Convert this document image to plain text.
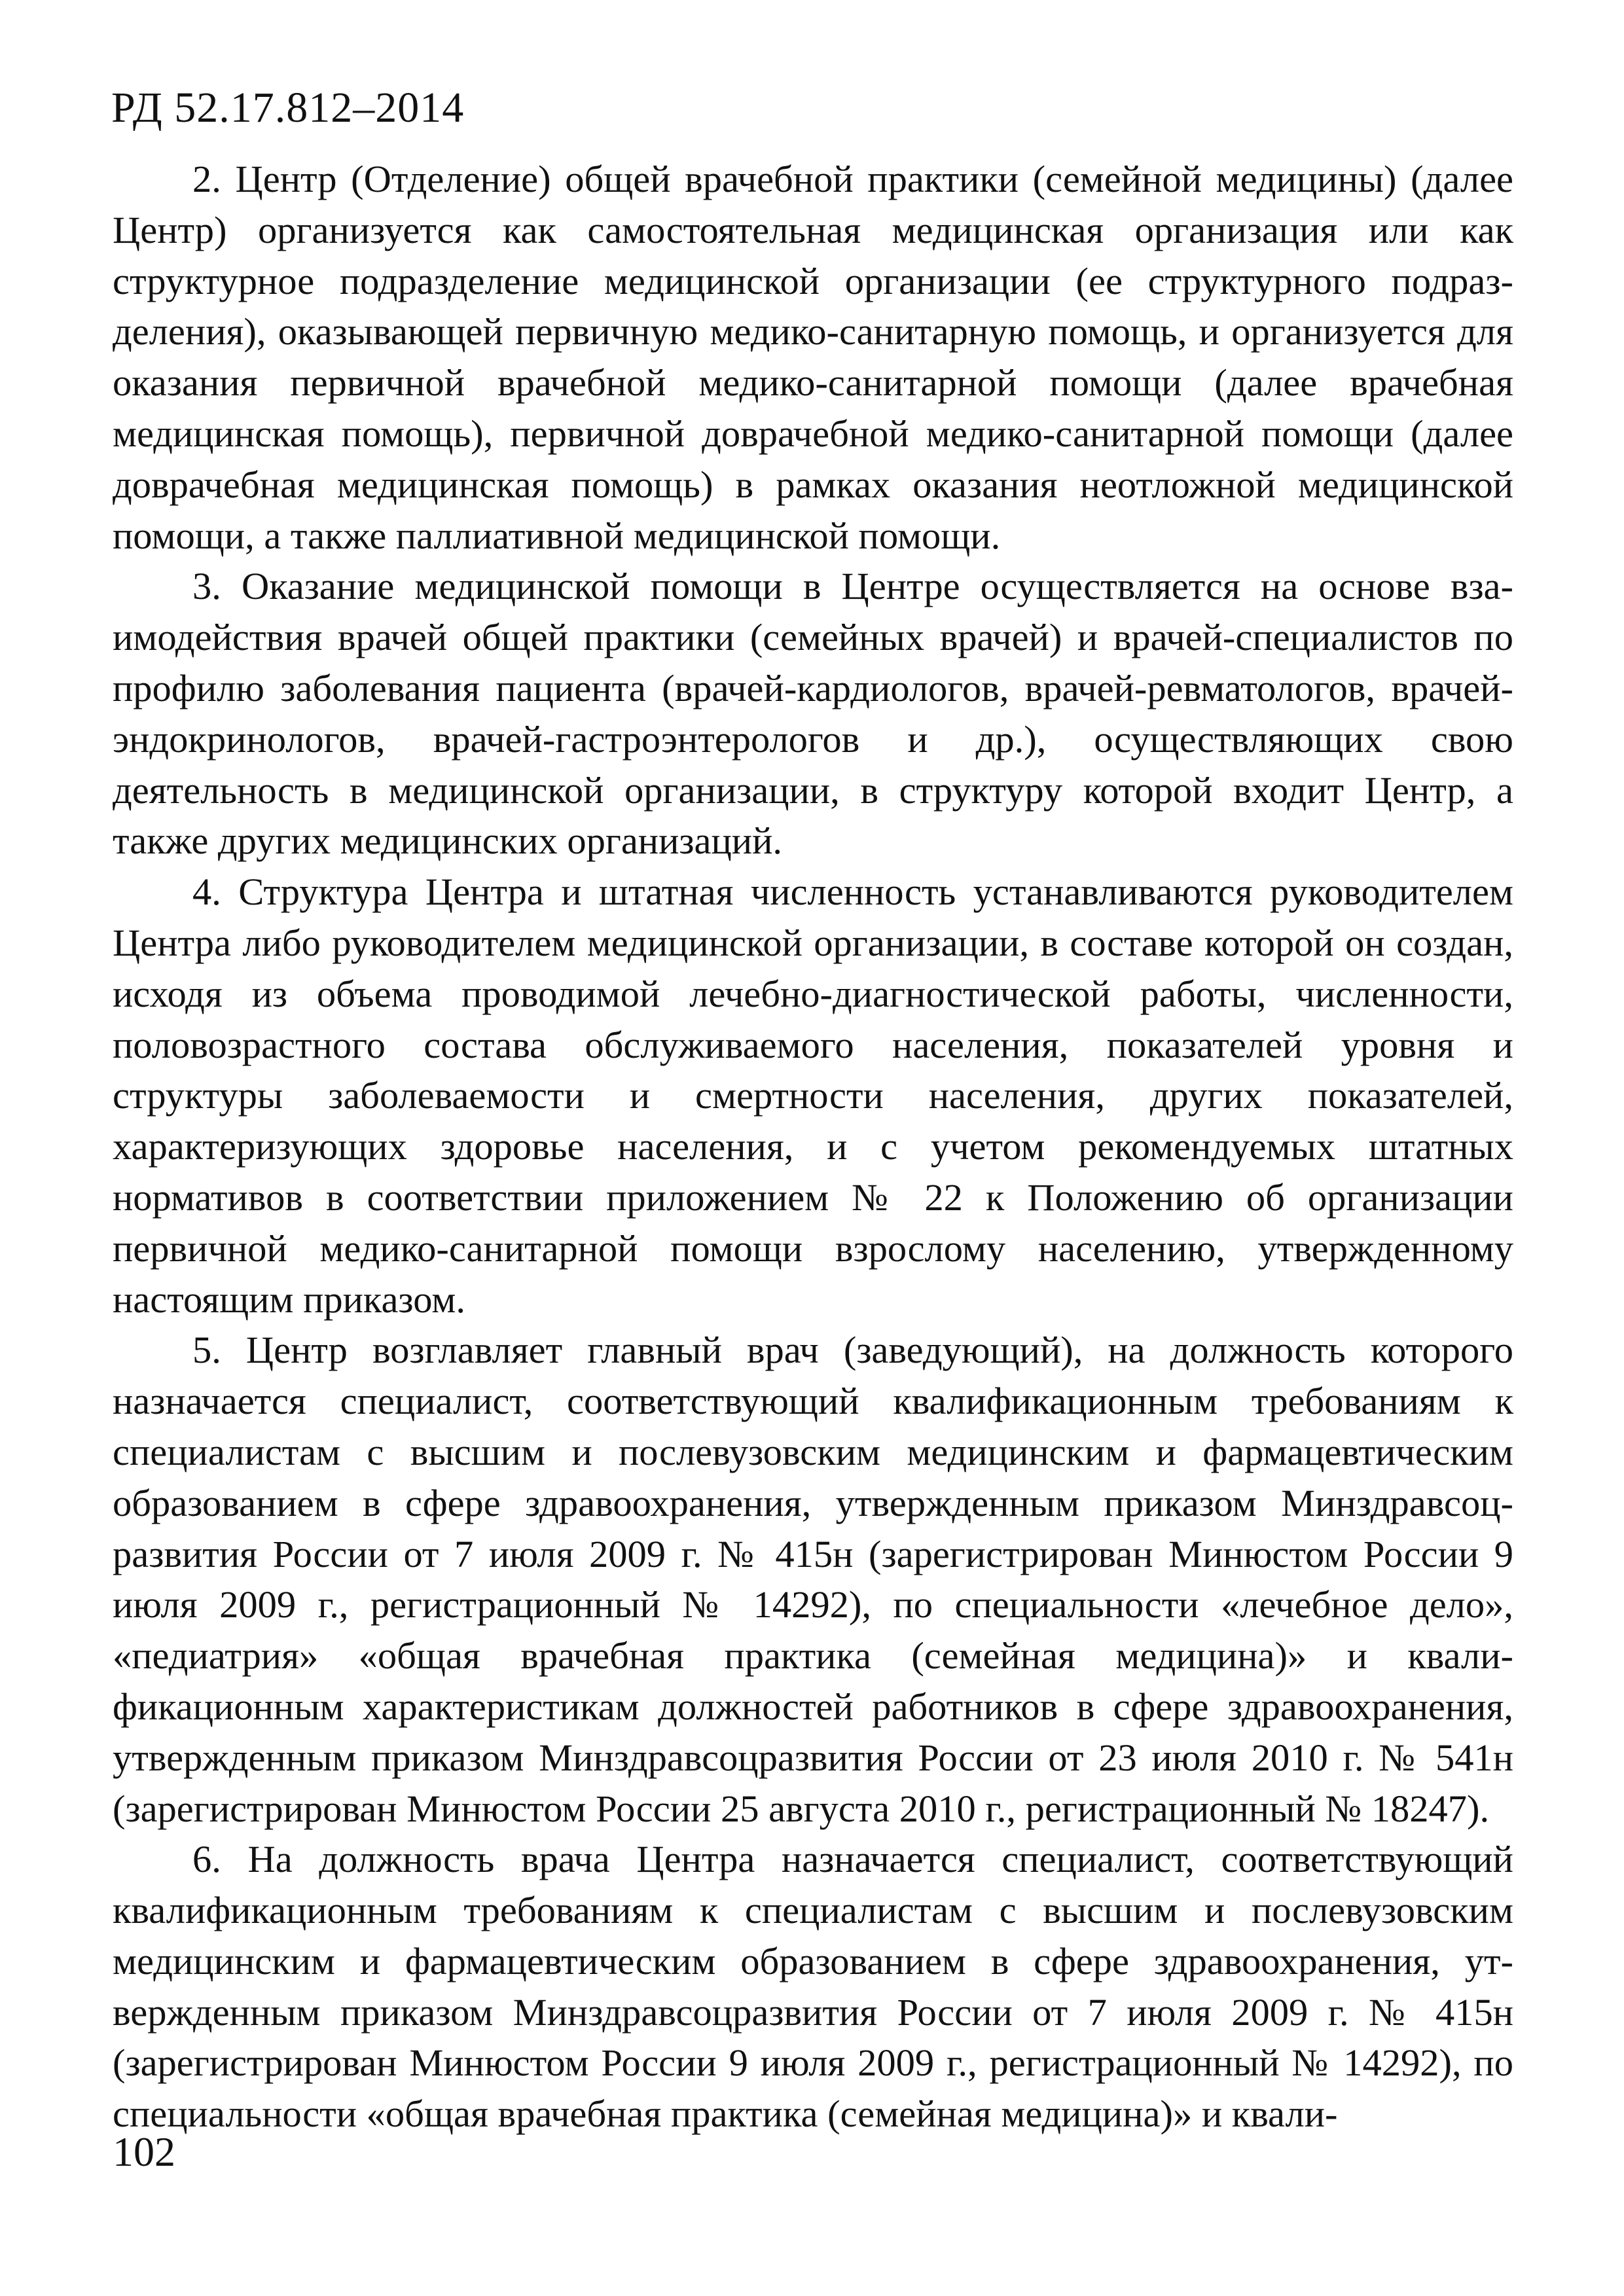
РД 52.17.812–2014

2. Центр (Отделение) общей врачебной практики (семейной медицины) (далее Центр) организуется как самостоятельная медицинская организация или как структурное подразделение медицинской организации (ее структурного подразделения), оказывающей первичную медико-санитарную помощь, и организуется для оказания первичной врачебной медико-санитарной помощи (далее врачебная медицинская помощь), первичной доврачебной медико-санитарной помощи (далее доврачебная медицинская помощь) в рамках оказания неотложной медицинской помощи, а также паллиативной медицинской помощи.

3. Оказание медицинской помощи в Центре осуществляется на основе взаимодействия врачей общей практики (семейных врачей) и врачей-специалистов по профилю заболевания пациента (врачей-кардиологов, врачей-ревматологов, врачей-эндокринологов, врачей-гастроэнтерологов и др.), осуществляющих свою деятельность в медицинской организации, в структуру которой входит Центр, а также других медицинских организаций.

4. Структура Центра и штатная численность устанавливаются руководителем Центра либо руководителем медицинской организации, в составе которой он создан, исходя из объема проводимой лечебно-диагностической работы, численности, половозрастного состава обслуживаемого населения, показателей уровня и структуры заболеваемости и смертности населения, других показателей, характеризующих здоровье населения, и с учетом рекомендуемых штатных нормативов в соответствии приложением № 22 к Положению об организации первичной медико-санитарной помощи взрослому населению, утвержденному настоящим приказом.

5. Центр возглавляет главный врач (заведующий), на должность которого назначается специалист, соответствующий квалификационным требованиям к специалистам с высшим и послевузовским медицинским и фармацевтическим образованием в сфере здравоохранения, утвержденным приказом Минздравсоцразвития России от 7 июля 2009 г. № 415н (зарегистрирован Минюстом России 9 июля 2009 г., регистрационный № 14292), по специальности «лечебное дело», «педиатрия» «общая врачебная практика (семейная медицина)» и квалификационным характеристикам должностей работников в сфере здравоохранения, утвержденным приказом Минздравсоцразвития России от 23 июля 2010 г. № 541н (зарегистрирован Минюстом России 25 августа 2010 г., регистрационный № 18247).

6. На должность врача Центра назначается специалист, соответствующий квалификационным требованиям к специалистам с высшим и послевузовским медицинским и фармацевтическим образованием в сфере здравоохранения, утвержденным приказом Минздравсоцразвития России от 7 июля 2009 г. № 415н (зарегистрирован Минюстом России 9 июля 2009 г., регистрационный № 14292), по специальности «общая врачебная практика (семейная медицина)» и квали-

102
